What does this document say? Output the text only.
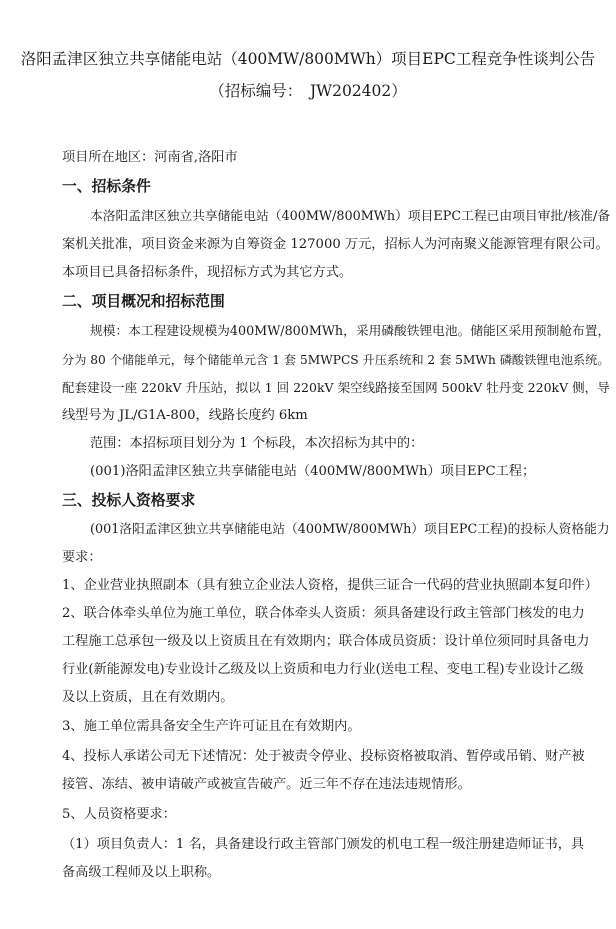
洛阳孟津区独立共享储能电站（400MW/800MWh）项目EPC工程竞争性谈判公告

（招标编号：　JW202402）

项目所在地区：河南省,洛阳市

一、招标条件

本洛阳孟津区独立共享储能电站（400MW/800MWh）项目EPC工程已由项目审批/核准/备

案机关批准，项目资金来源为自筹资金 127000 万元，招标人为河南聚义能源管理有限公司。

本项目已具备招标条件，现招标方式为其它方式。

二、项目概况和招标范围

规模：本工程建设规模为400MW/800MWh，采用磷酸铁锂电池。储能区采用预制舱布置，

分为 80 个储能单元，每个储能单元含 1 套 5MWPCS 升压系统和 2 套 5MWh 磷酸铁锂电池系统。

配套建设一座 220kV 升压站，拟以 1 回 220kV 架空线路接至国网 500kV 牡丹变 220kV 侧，导

线型号为 JL/G1A-800，线路长度约 6km

范围：本招标项目划分为 1 个标段，本次招标为其中的：

(001)洛阳孟津区独立共享储能电站（400MW/800MWh）项目EPC工程；

三、投标人资格要求

(001洛阳孟津区独立共享储能电站（400MW/800MWh）项目EPC工程)的投标人资格能力

要求：

1、企业营业执照副本（具有独立企业法人资格，提供三证合一代码的营业执照副本复印件）

2、联合体牵头单位为施工单位，联合体牵头人资质：须具备建设行政主管部门核发的电力

工程施工总承包一级及以上资质且在有效期内；联合体成员资质：设计单位须同时具备电力

行业(新能源发电)专业设计乙级及以上资质和电力行业(送电工程、变电工程)专业设计乙级

及以上资质，且在有效期内。

3、施工单位需具备安全生产许可证且在有效期内。

4、投标人承诺公司无下述情况：处于被责令停业、投标资格被取消、暂停或吊销、财产被

接管、冻结、被申请破产或被宣告破产。近三年不存在违法违规情形。

5、人员资格要求：

（1）项目负责人：1 名，具备建设行政主管部门颁发的机电工程一级注册建造师证书，具

备高级工程师及以上职称。
